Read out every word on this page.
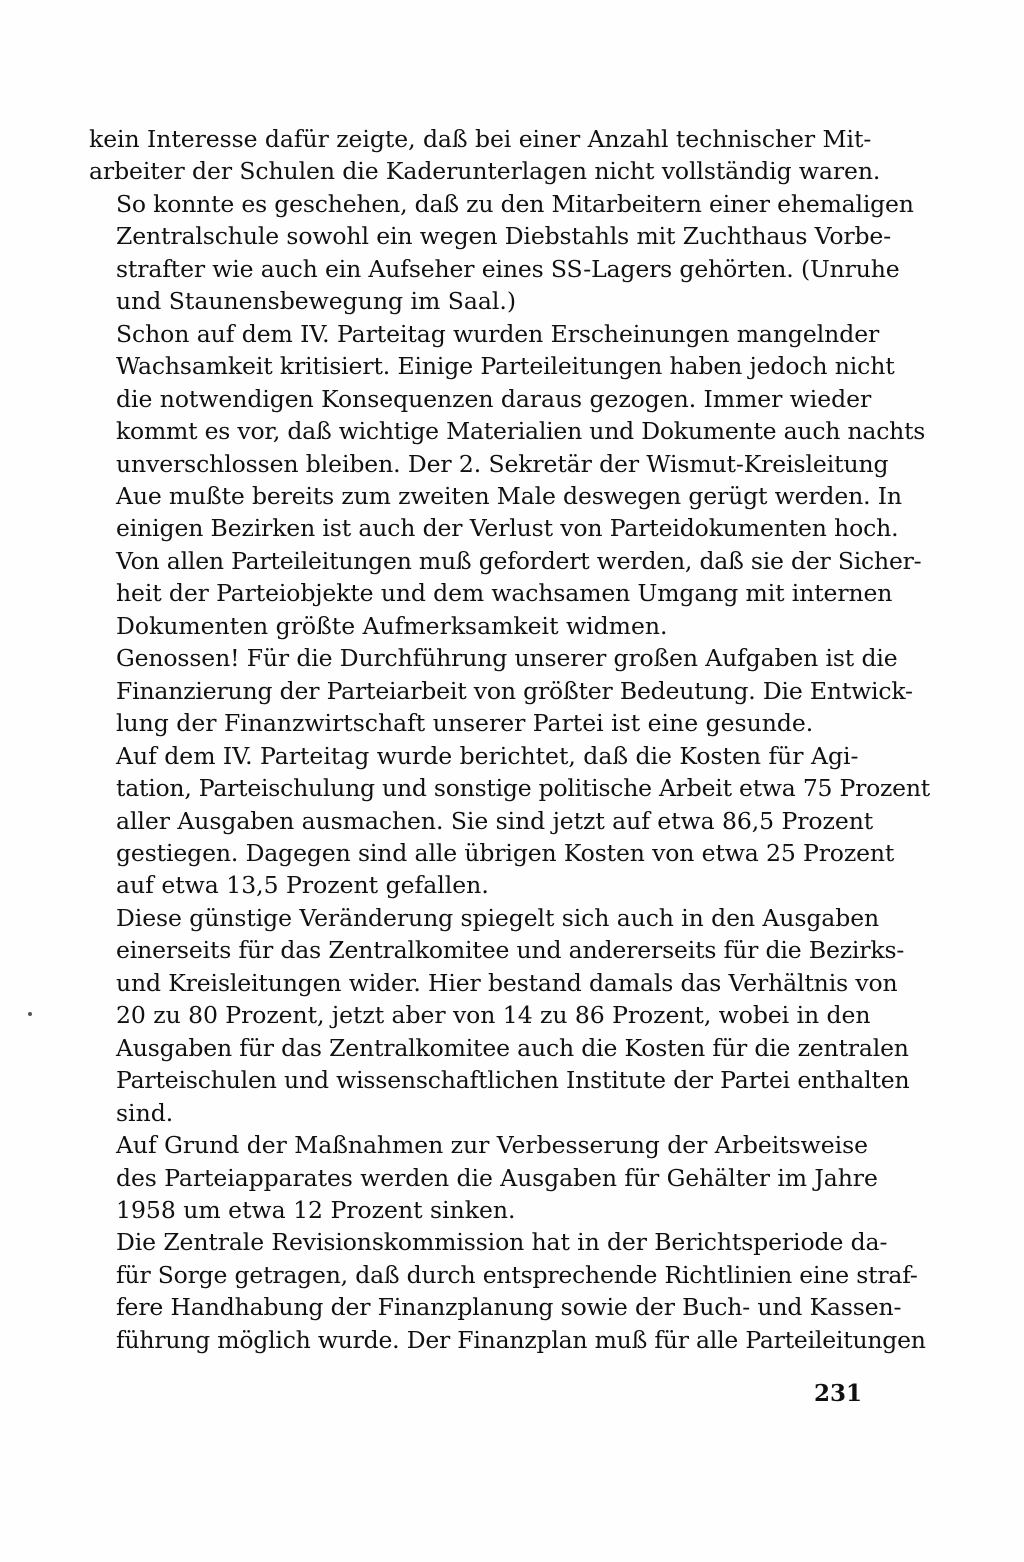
kein Interesse dafür zeigte, daß bei einer Anzahl technischer Mit-
arbeiter der Schulen die Kaderunterlagen nicht vollständig waren.

So konnte es geschehen, daß zu den Mitarbeitern einer ehemaligen
Zentralschule sowohl ein wegen Diebstahls mit Zuchthaus Vorbe-
strafter wie auch ein Aufseher eines SS-Lagers gehörten. (Unruhe
und Staunensbewegung im Saal.)

Schon auf dem IV. Parteitag wurden Erscheinungen mangelnder
Wachsamkeit kritisiert. Einige Parteileitungen haben jedoch nicht
die notwendigen Konsequenzen daraus gezogen. Immer wieder
kommt es vor, daß wichtige Materialien und Dokumente auch nachts
unverschlossen bleiben. Der 2. Sekretär der Wismut-Kreisleitung
Aue mußte bereits zum zweiten Male deswegen gerügt werden. In
einigen Bezirken ist auch der Verlust von Parteidokumenten hoch.
Von allen Parteileitungen muß gefordert werden, daß sie der Sicher-
heit der Parteiobjekte und dem wachsamen Umgang mit internen
Dokumenten größte Aufmerksamkeit widmen.

Genossen! Für die Durchführung unserer großen Aufgaben ist die
Finanzierung der Parteiarbeit von größter Bedeutung. Die Entwick-
lung der Finanzwirtschaft unserer Partei ist eine gesunde.

Auf dem IV. Parteitag wurde berichtet, daß die Kosten für Agi-
tation, Parteischulung und sonstige politische Arbeit etwa 75 Prozent
aller Ausgaben ausmachen. Sie sind jetzt auf etwa 86,5 Prozent
gestiegen. Dagegen sind alle übrigen Kosten von etwa 25 Prozent
auf etwa 13,5 Prozent gefallen.

Diese günstige Veränderung spiegelt sich auch in den Ausgaben
einerseits für das Zentralkomitee und andererseits für die Bezirks-
und Kreisleitungen wider. Hier bestand damals das Verhältnis von
20 zu 80 Prozent, jetzt aber von 14 zu 86 Prozent, wobei in den
Ausgaben für das Zentralkomitee auch die Kosten für die zentralen
Parteischulen und wissenschaftlichen Institute der Partei enthalten
sind.

Auf Grund der Maßnahmen zur Verbesserung der Arbeitsweise
des Parteiapparates werden die Ausgaben für Gehälter im Jahre
1958 um etwa 12 Prozent sinken.

Die Zentrale Revisionskommission hat in der Berichtsperiode da-
für Sorge getragen, daß durch entsprechende Richtlinien eine straf-
fere Handhabung der Finanzplanung sowie der Buch- und Kassen-
führung möglich wurde. Der Finanzplan muß für alle Parteileitungen

231
